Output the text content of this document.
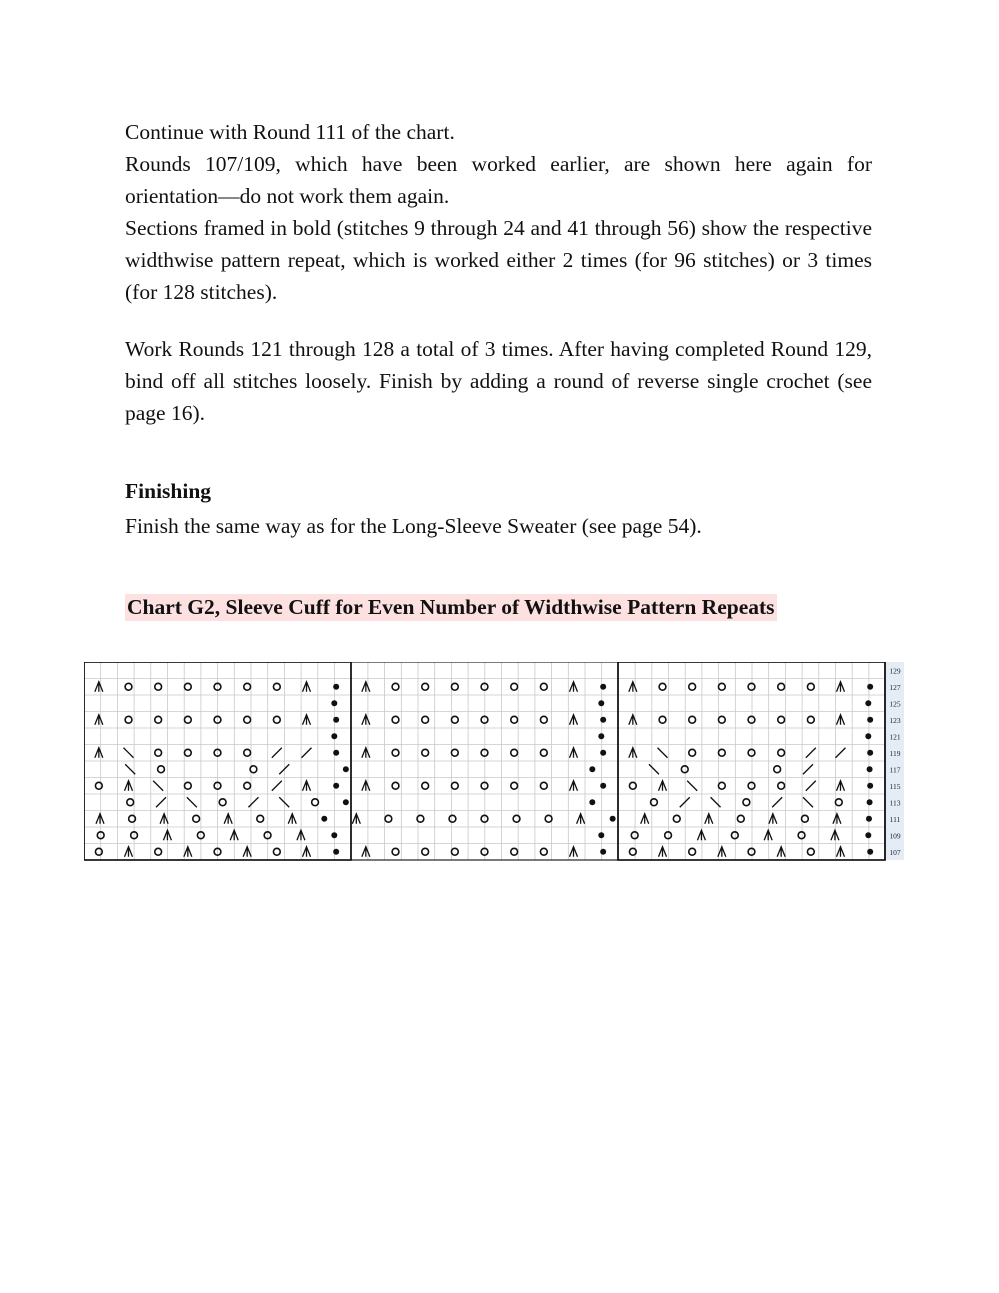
Continue with Round 111 of the chart.
Rounds 107/109, which have been worked earlier, are shown here again for orientation—do not work them again.
Sections framed in bold (stitches 9 through 24 and 41 through 56) show the respective widthwise pattern repeat, which is worked either 2 times (for 96 stitches) or 3 times (for 128 stitches).
Work Rounds 121 through 128 a total of 3 times. After having completed Round 129, bind off all stitches loosely. Finish by adding a round of reverse single crochet (see page 16).
Finishing
Finish the same way as for the Long-Sleeve Sweater (see page 54).
Chart G2, Sleeve Cuff for Even Number of Widthwise Pattern Repeats
129
127
125
123
121
119
117
115
113
111
109
107
